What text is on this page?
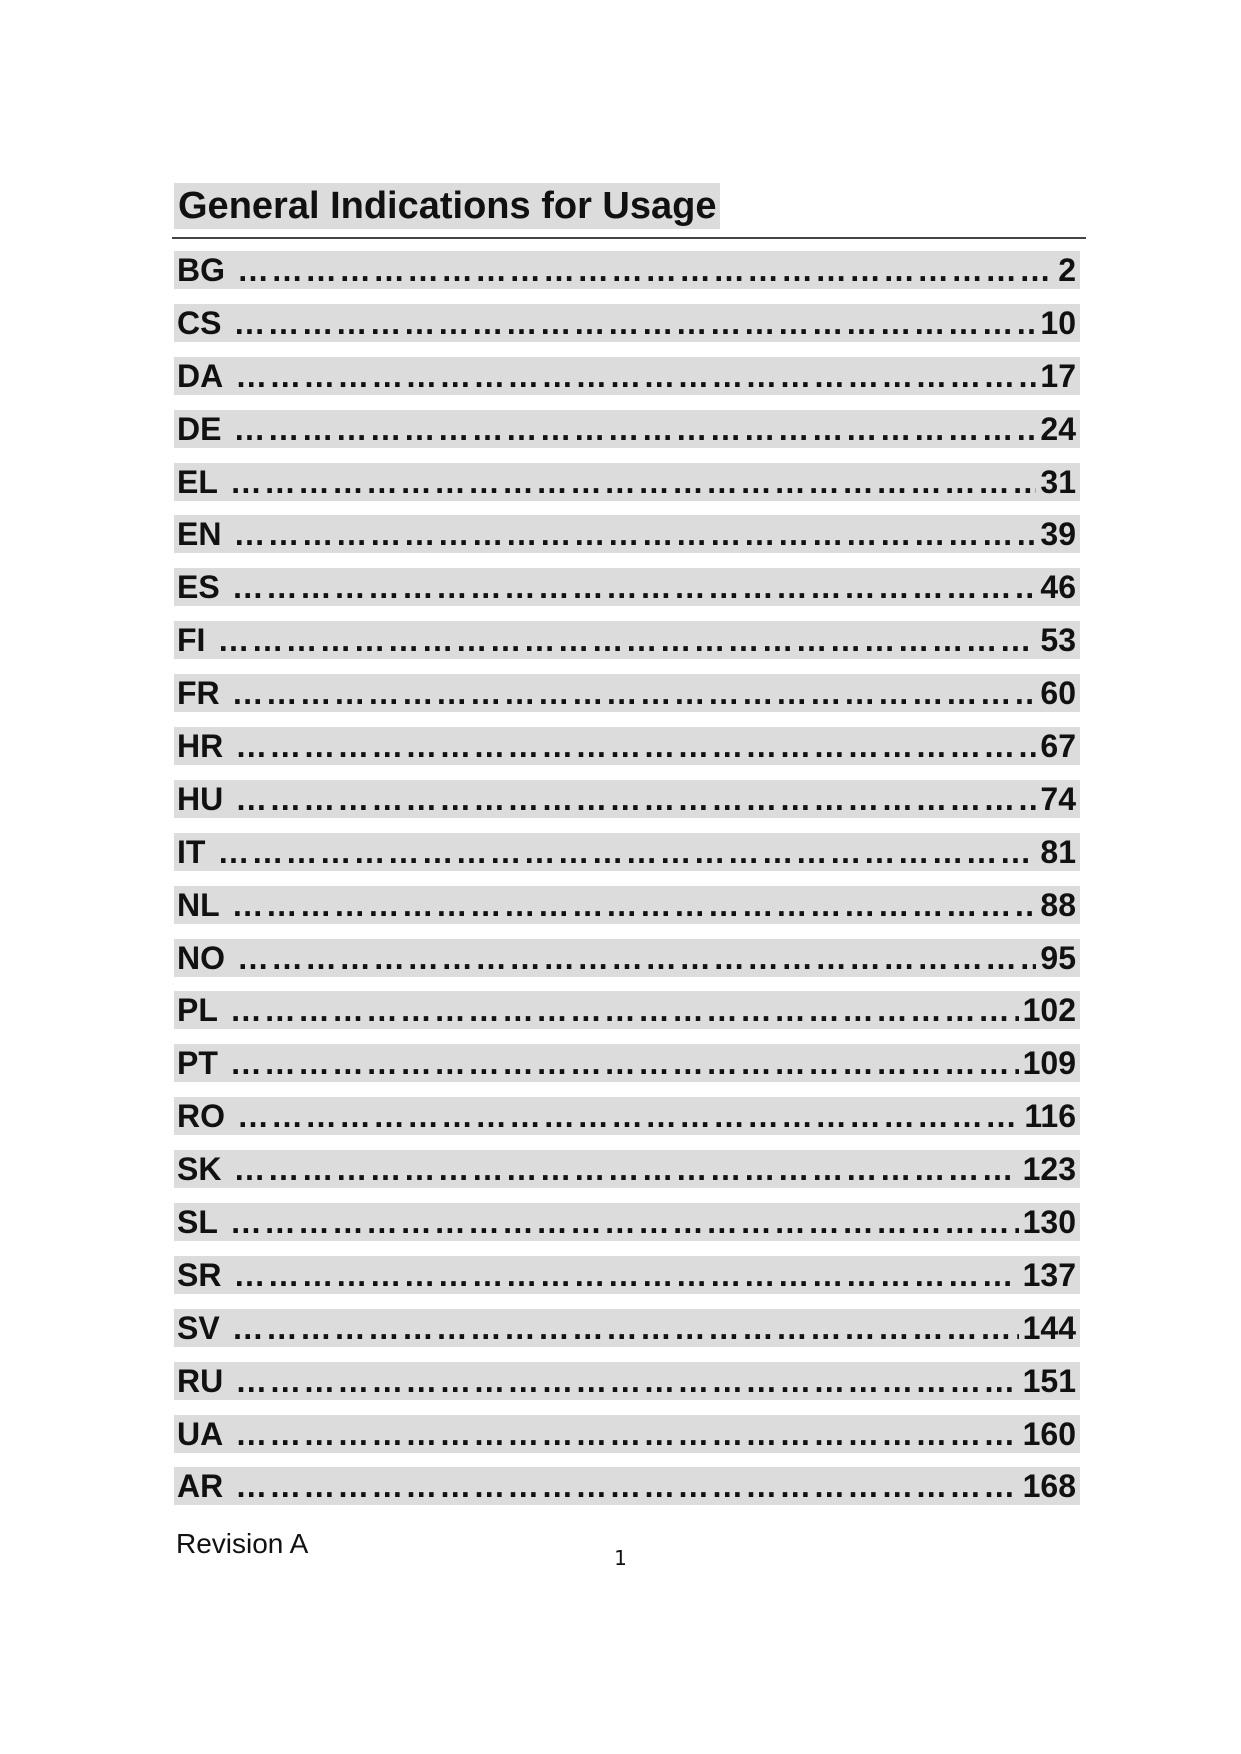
General Indications for Usage
BG ………………………………………………………………………………………………………………………………	2
CS ………………………………………………………………………………………………………………………………	10
DA ………………………………………………………………………………………………………………………………	17
DE ………………………………………………………………………………………………………………………………	24
EL ………………………………………………………………………………………………………………………………	31
EN ………………………………………………………………………………………………………………………………	39
ES ………………………………………………………………………………………………………………………………	46
FI ………………………………………………………………………………………………………………………………	53
FR ………………………………………………………………………………………………………………………………	60
HR ………………………………………………………………………………………………………………………………	67
HU ………………………………………………………………………………………………………………………………	74
IT ………………………………………………………………………………………………………………………………	81
NL ………………………………………………………………………………………………………………………………	88
NO ………………………………………………………………………………………………………………………………	95
PL ………………………………………………………………………………………………………………………………	102
PT ………………………………………………………………………………………………………………………………	109
RO ………………………………………………………………………………………………………………………………	116
SK ………………………………………………………………………………………………………………………………	123
SL ………………………………………………………………………………………………………………………………	130
SR ………………………………………………………………………………………………………………………………	137
SV ………………………………………………………………………………………………………………………………	144
RU ………………………………………………………………………………………………………………………………	151
UA ………………………………………………………………………………………………………………………………	160
AR ………………………………………………………………………………………………………………………………	168
Revision A	1
